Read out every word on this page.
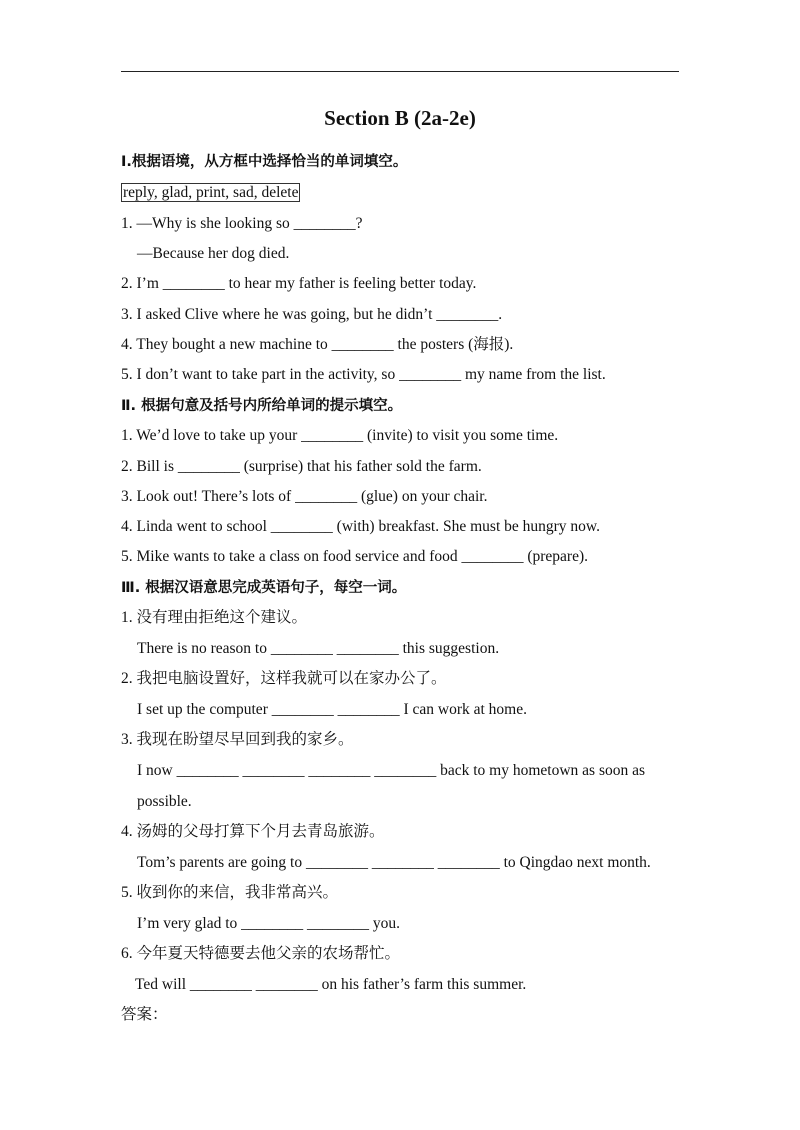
Section B (2a-2e)
Ⅰ.根据语境，从方框中选择恰当的单词填空。
reply, glad, print, sad, delete
1. —Why is she looking so ________?
—Because her dog died.
2. I’m ________ to hear my father is feeling better today.
3. I asked Clive where he was going, but he didn’t ________.
4. They bought a new machine to ________ the posters (海报).
5. I don’t want to take part in the activity, so ________ my name from the list.
Ⅱ. 根据句意及括号内所给单词的提示填空。
1. We’d love to take up your ________ (invite) to visit you some time.
2. Bill is ________ (surprise) that his father sold the farm.
3. Look out! There’s lots of ________ (glue) on your chair.
4. Linda went to school ________ (with) breakfast. She must be hungry now.
5. Mike wants to take a class on food service and food ________ (prepare).
Ⅲ. 根据汉语意思完成英语句子，每空一词。
1. 没有理由拒绝这个建议。
There is no reason to ________ ________ this suggestion.
2. 我把电脑设置好，这样我就可以在家办公了。
I set up the computer ________ ________ I can work at home.
3. 我现在盼望尽早回到我的家乡。
I now ________ ________ ________ ________ back to my hometown as soon as
possible.
4. 汤姆的父母打算下个月去青岛旅游。
Tom’s parents are going to ________ ________ ________ to Qingdao next month.
5. 收到你的来信，我非常高兴。
I’m very glad to ________ ________ you.
6. 今年夏天特德要去他父亲的农场帮忙。
Ted will ________ ________ on his father’s farm this summer.
答案：
